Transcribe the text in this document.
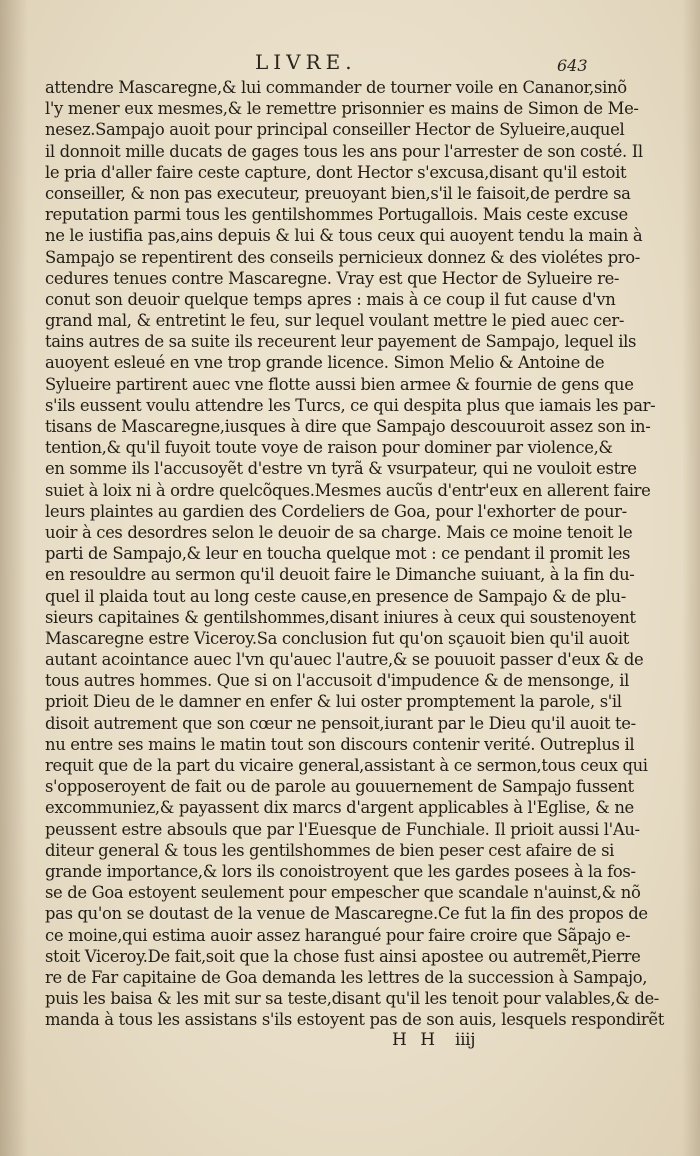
LIVRE.	643
attendre Mascaregne,& lui commander de tourner voile en Cananor,sinõ
l'y mener eux mesmes,& le remettre prisonnier es mains de Simon de Me-
nesez.Sampajo auoit pour principal conseiller Hector de Sylueire,auquel
il donnoit mille ducats de gages tous les ans pour l'arrester de son costé. Il
le pria d'aller faire ceste capture, dont Hector s'excusa,disant qu'il estoit
conseiller, & non pas executeur, preuoyant bien,s'il le faisoit,de perdre sa
reputation parmi tous les gentilshommes Portugallois. Mais ceste excuse
ne le iustifia pas,ains depuis & lui & tous ceux qui auoyent tendu la main à
Sampajo se repentirent des conseils pernicieux donnez & des violétes pro-
cedures tenues contre Mascaregne. Vray est que Hector de Sylueire re-
conut son deuoir quelque temps apres : mais à ce coup il fut cause d'vn
grand mal, & entretint le feu, sur lequel voulant mettre le pied auec cer-
tains autres de sa suite ils receurent leur payement de Sampajo, lequel ils
auoyent esleué en vne trop grande licence. Simon Melio & Antoine de
Sylueire partirent auec vne flotte aussi bien armee & fournie de gens que
s'ils eussent voulu attendre les Turcs, ce qui despita plus que iamais les par-
tisans de Mascaregne,iusques à dire que Sampajo descouuroit assez son in-
tention,& qu'il fuyoit toute voye de raison pour dominer par violence,&
en somme ils l'accusoyẽt d'estre vn tyrã & vsurpateur, qui ne vouloit estre
suiet à loix ni à ordre quelcõques.Mesmes aucũs d'entr'eux en allerent faire
leurs plaintes au gardien des Cordeliers de Goa, pour l'exhorter de pour-
uoir à ces desordres selon le deuoir de sa charge. Mais ce moine tenoit le
parti de Sampajo,& leur en toucha quelque mot : ce pendant il promit les
en resouldre au sermon qu'il deuoit faire le Dimanche suiuant, à la fin du-
quel il plaida tout au long ceste cause,en presence de Sampajo & de plu-
sieurs capitaines & gentilshommes,disant iniures à ceux qui soustenoyent
Mascaregne estre Viceroy.Sa conclusion fut qu'on sçauoit bien qu'il auoit
autant acointance auec l'vn qu'auec l'autre,& se pouuoit passer d'eux & de
tous autres hommes. Que si on l'accusoit d'impudence & de mensonge, il
prioit Dieu de le damner en enfer & lui oster promptement la parole, s'il
disoit autrement que son cœur ne pensoit,iurant par le Dieu qu'il auoit te-
nu entre ses mains le matin tout son discours contenir verité. Outreplus il
requit que de la part du vicaire general,assistant à ce sermon,tous ceux qui
s'opposeroyent de fait ou de parole au gouuernement de Sampajo fussent
excommuniez,& payassent dix marcs d'argent applicables à l'Eglise, & ne
peussent estre absouls que par l'Euesque de Funchiale. Il prioit aussi l'Au-
diteur general & tous les gentilshommes de bien peser cest afaire de si
grande importance,& lors ils conoistroyent que les gardes posees à la fos-
se de Goa estoyent seulement pour empescher que scandale n'auinst,& nõ
pas qu'on se doutast de la venue de Mascaregne.Ce fut la fin des propos de
ce moine,qui estima auoir assez harangué pour faire croire que Sãpajo e-
stoit Viceroy.De fait,soit que la chose fust ainsi apostee ou autremẽt,Pierre
re de Far capitaine de Goa demanda les lettres de la succession à Sampajo,
puis les baisa & les mit sur sa teste,disant qu'il les tenoit pour valables,& de-
manda à tous les assistans s'ils estoyent pas de son auis, lesquels respondirẽt
H H iiij
